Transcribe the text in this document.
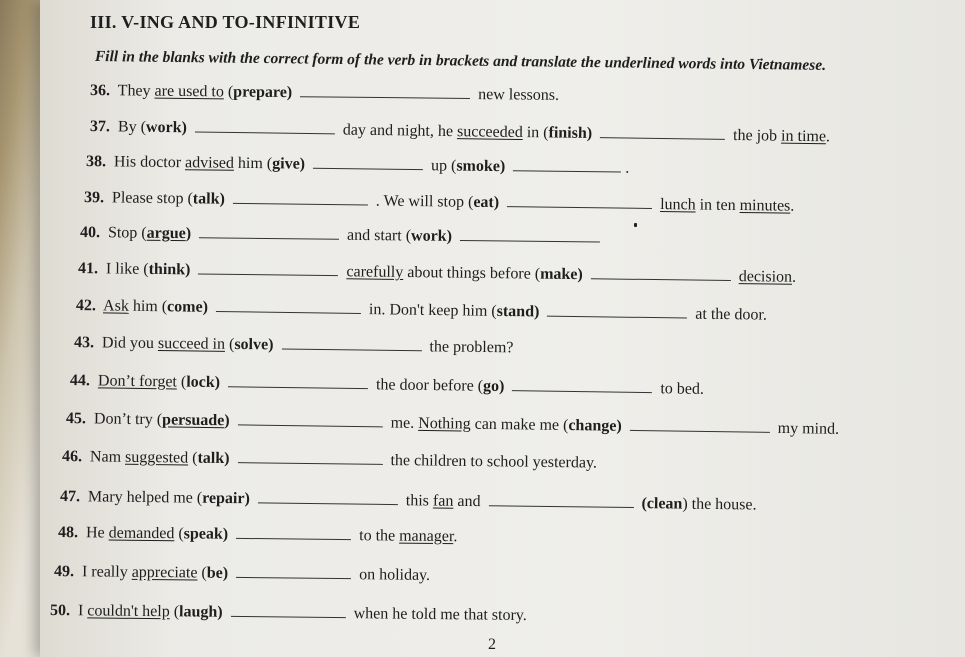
III. V-ING AND TO-INFINITIVE
Fill in the blanks with the correct form of the verb in brackets and translate the underlined words into Vietnamese.
36. They are used to (prepare)	new lessons.
37. By (work)	day and night, he succeeded in (finish)	the job in time.
38. His doctor advised him (give)	up (smoke)	.
39. Please stop (talk)	. We will stop (eat)	lunch in ten minutes.
40. Stop (argue)	and start (work)
41. I like (think)	carefully about things before (make)	decision.
42. Ask him (come)	in. Don't keep him (stand)	at the door.
43. Did you succeed in (solve)	the problem?
44. Don’t forget (lock)	the door before (go)	to bed.
45. Don’t try (persuade)	me. Nothing can make me (change)	my mind.
46. Nam suggested (talk)	the children to school yesterday.
47. Mary helped me (repair)	this fan and	(clean) the house.
48. He demanded (speak)	to the manager.
49. I really appreciate (be)	on holiday.
50. I couldn't help (laugh)	when he told me that story.
2
